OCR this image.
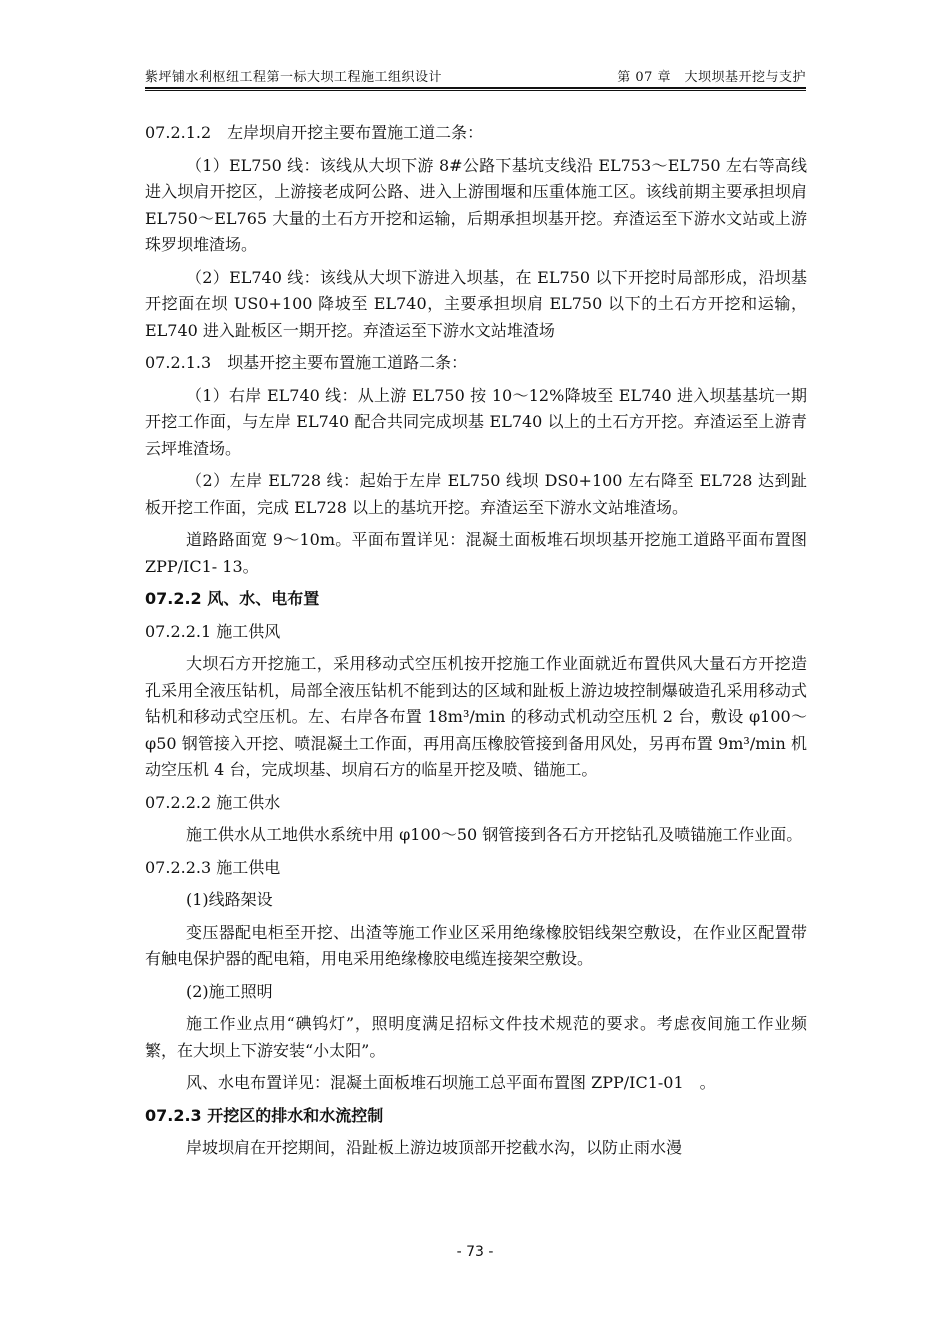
紫坪铺水利枢纽工程第一标大坝工程施工组织设计	第 07 章　大坝坝基开挖与支护

07.2.1.2　左岸坝肩开挖主要布置施工道二条：

（1）EL750 线：该线从大坝下游 8#公路下基坑支线沿 EL753～EL750 左右等高线进入坝肩开挖区，上游接老成阿公路、进入上游围堰和压重体施工区。该线前期主要承担坝肩 EL750～EL765 大量的土石方开挖和运输，后期承担坝基开挖。弃渣运至下游水文站或上游珠罗坝堆渣场。

（2）EL740 线：该线从大坝下游进入坝基，在 EL750 以下开挖时局部形成，沿坝基开挖面在坝 US0+100 降坡至 EL740，主要承担坝肩 EL750 以下的土石方开挖和运输，EL740 进入趾板区一期开挖。弃渣运至下游水文站堆渣场

07.2.1.3　坝基开挖主要布置施工道路二条：

（1）右岸 EL740 线：从上游 EL750 按 10～12%降坡至 EL740 进入坝基基坑一期开挖工作面，与左岸 EL740 配合共同完成坝基 EL740 以上的土石方开挖。弃渣运至上游青云坪堆渣场。

（2）左岸 EL728 线：起始于左岸 EL750 线坝 DS0+100 左右降至 EL728 达到趾板开挖工作面，完成 EL728 以上的基坑开挖。弃渣运至下游水文站堆渣场。

道路路面宽 9～10m。平面布置详见：混凝土面板堆石坝坝基开挖施工道路平面布置图 ZPP/IC1- 13。

07.2.2 风、水、电布置

07.2.2.1 施工供风

大坝石方开挖施工，采用移动式空压机按开挖施工作业面就近布置供风大量石方开挖造孔采用全液压钻机，局部全液压钻机不能到达的区域和趾板上游边坡控制爆破造孔采用移动式钻机和移动式空压机。左、右岸各布置 18m³/min 的移动式机动空压机 2 台，敷设 φ100～φ50 钢管接入开挖、喷混凝土工作面，再用高压橡胶管接到备用风处，另再布置 9m³/min 机动空压机 4 台，完成坝基、坝肩石方的临星开挖及喷、锚施工。

07.2.2.2 施工供水

施工供水从工地供水系统中用 φ100～50 钢管接到各石方开挖钻孔及喷锚施工作业面。

07.2.2.3 施工供电

(1)线路架设

变压器配电柜至开挖、出渣等施工作业区采用绝缘橡胶铝线架空敷设，在作业区配置带有触电保护器的配电箱，用电采用绝缘橡胶电缆连接架空敷设。

(2)施工照明

施工作业点用“碘钨灯”，照明度满足招标文件技术规范的要求。考虑夜间施工作业频繁，在大坝上下游安装“小太阳”。

风、水电布置详见：混凝土面板堆石坝施工总平面布置图 ZPP/IC1-01　。

07.2.3 开挖区的排水和水流控制

岸坡坝肩在开挖期间，沿趾板上游边坡顶部开挖截水沟，以防止雨水漫

- 73 -
